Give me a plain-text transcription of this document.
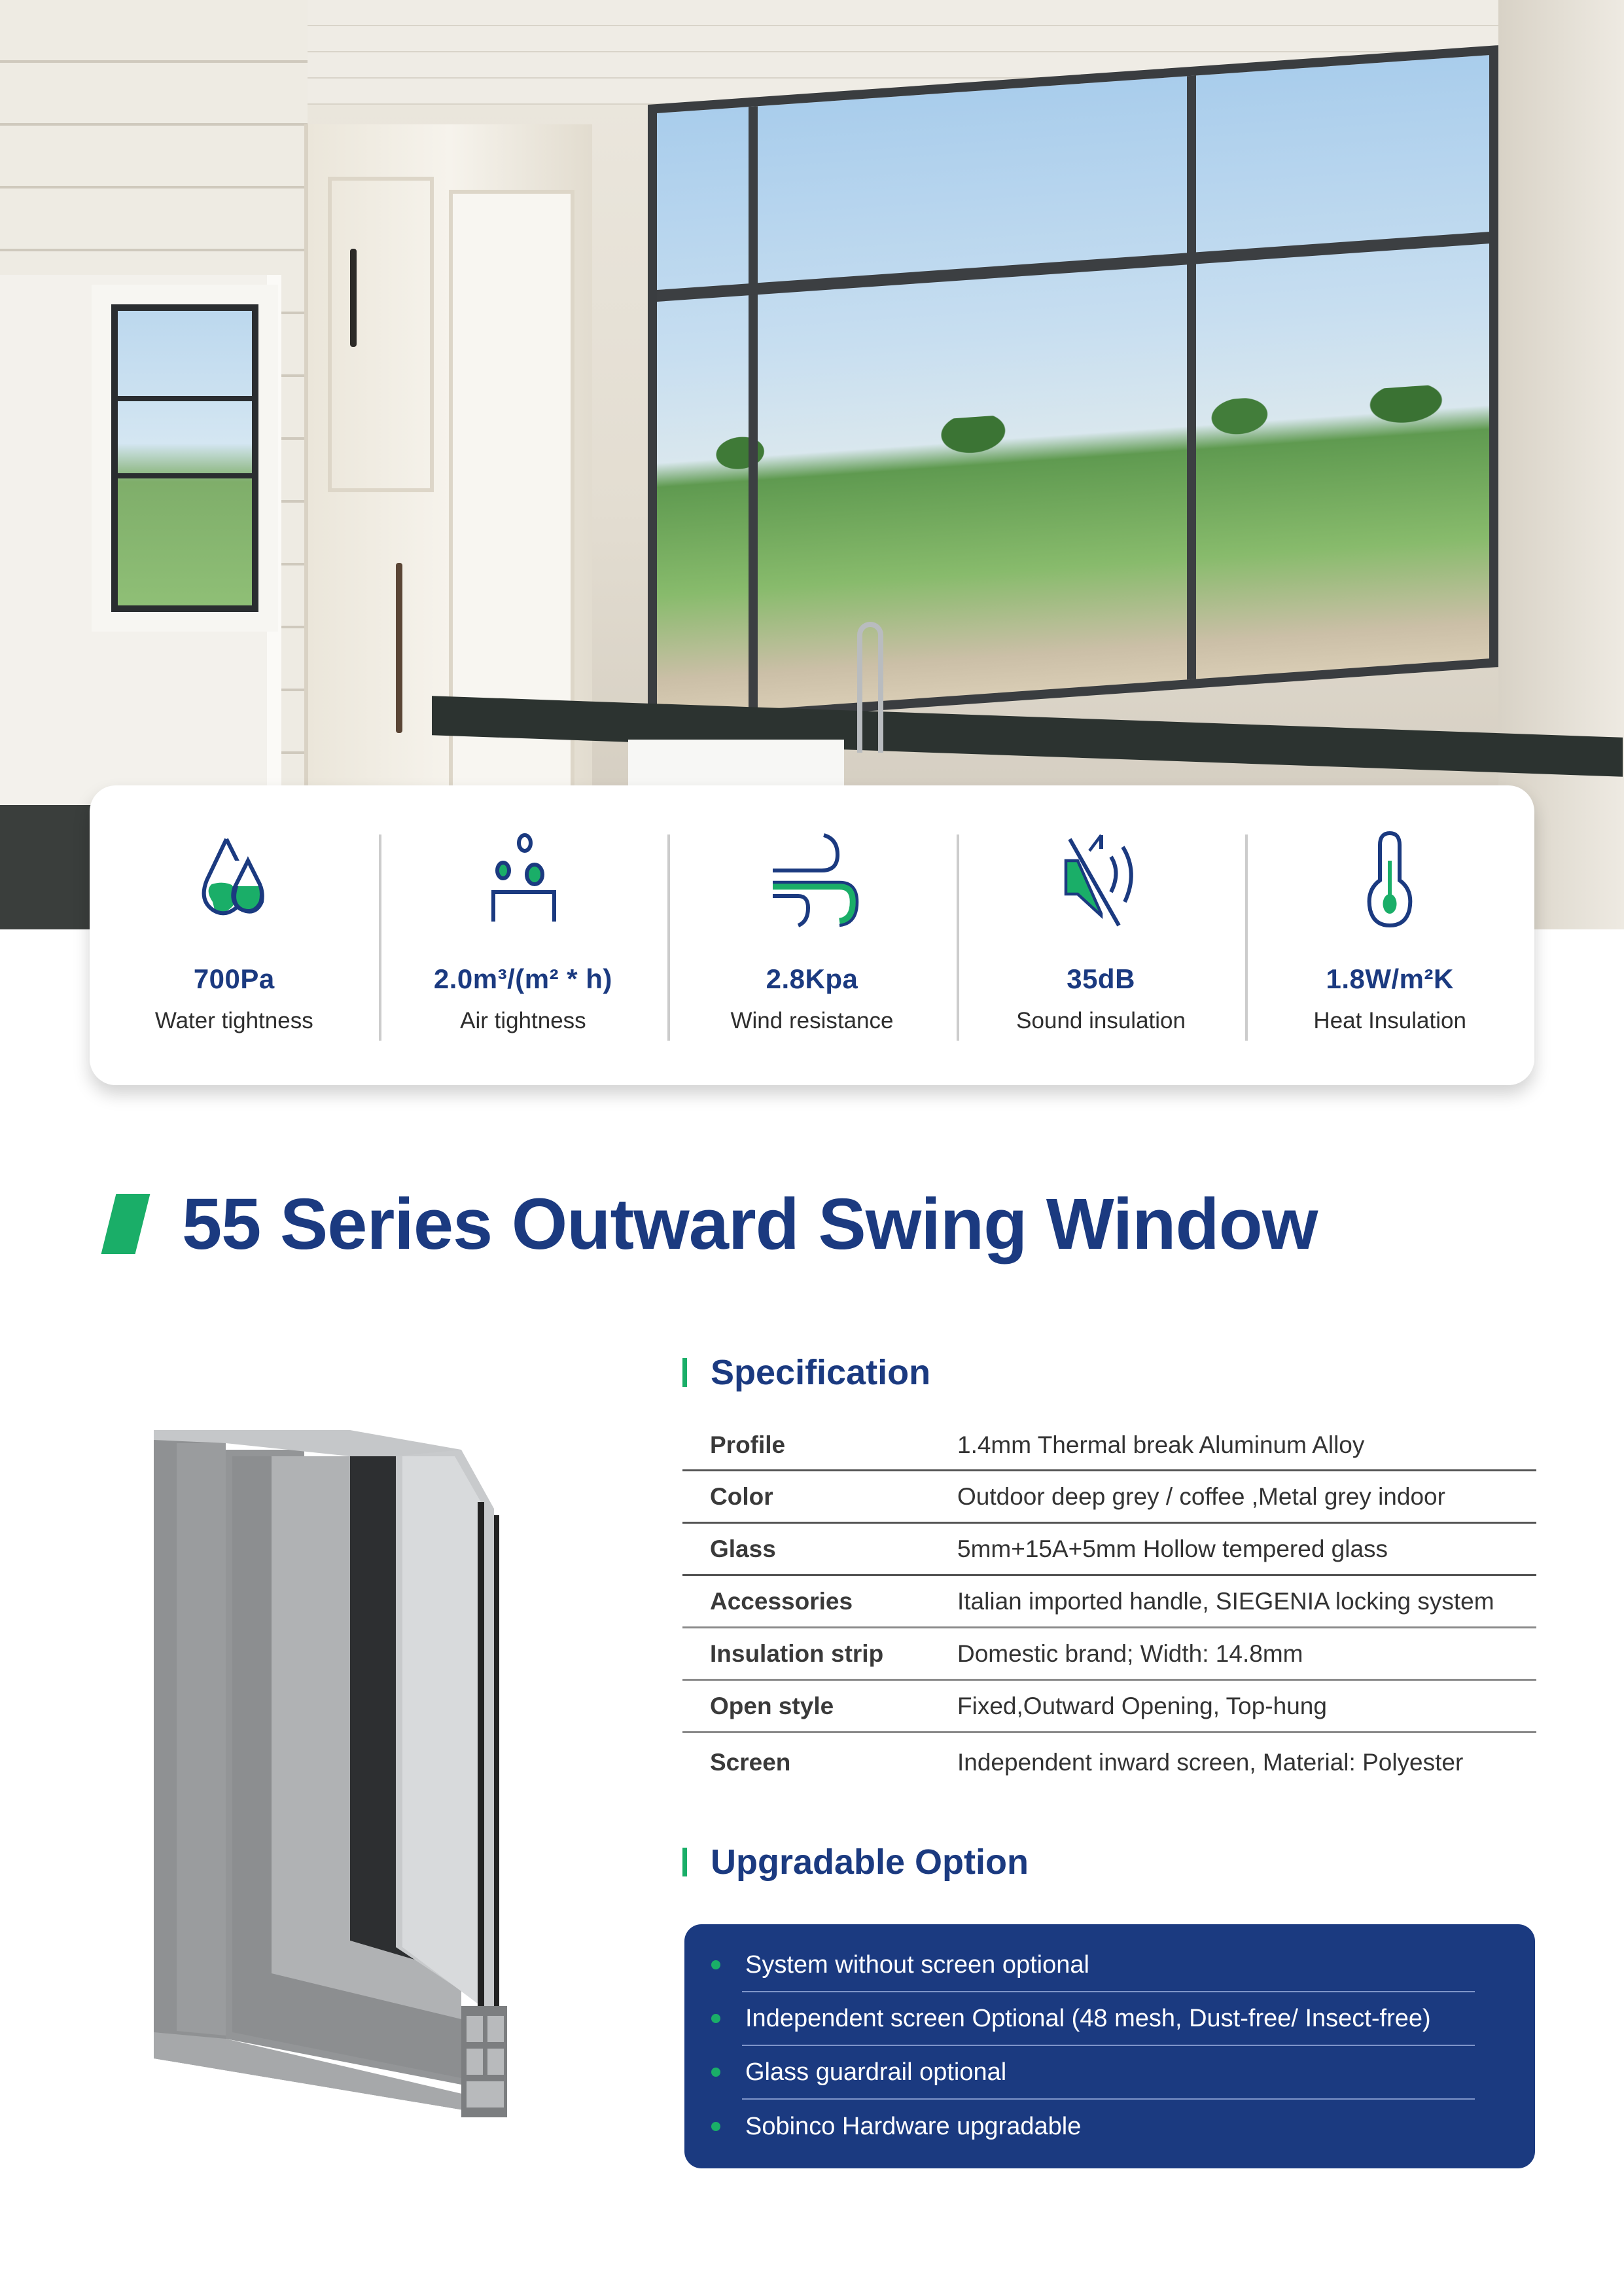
700Pa
Water tightness
2.0m³/(m² * h)
Air tightness
2.8Kpa
Wind resistance
35dB
Sound insulation
1.8W/m²K
Heat Insulation
55 Series Outward Swing Window
Specification
Profile	1.4mm Thermal break Aluminum Alloy
Color	Outdoor deep grey / coffee ,Metal grey indoor
Glass	5mm+15A+5mm Hollow tempered glass
Accessories	Italian imported handle, SIEGENIA locking system
Insulation strip	Domestic brand; Width: 14.8mm
Open style	Fixed,Outward Opening, Top-hung
Screen	Independent inward screen, Material: Polyester
Upgradable Option
System without screen optional
Independent screen Optional (48 mesh, Dust-free/ Insect-free)
Glass guardrail optional
Sobinco Hardware upgradable
